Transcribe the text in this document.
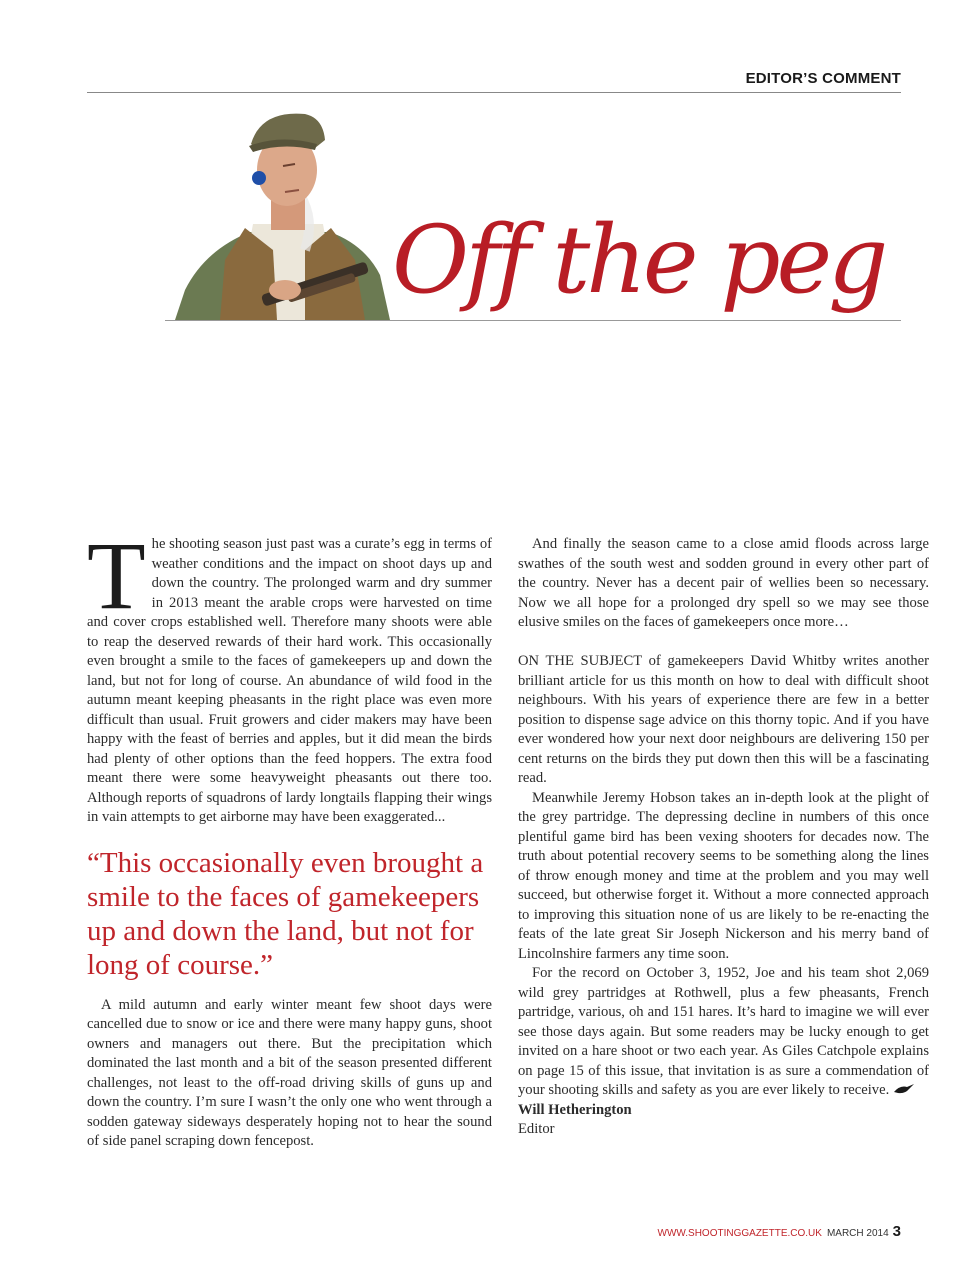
EDITOR’S COMMENT
Off the peg

The shooting season just past was a curate’s egg in terms of weather conditions and the impact on shoot days up and down the country. The prolonged warm and dry summer in 2013 meant the arable crops were harvested on time and cover crops established well. Therefore many shoots were able to reap the deserved rewards of their hard work. This occasionally even brought a smile to the faces of gamekeepers up and down the land, but not for long of course. An abundance of wild food in the autumn meant keeping pheasants in the right place was even more difficult than usual. Fruit growers and cider makers may have been happy with the feast of berries and apples, but it did mean the birds had plenty of other options than the feed hoppers. The extra food meant there were some heavyweight pheasants out there too. Although reports of squadrons of lardy longtails flapping their wings in vain attempts to get airborne may have been exaggerated...

“This occasionally even brought a smile to the faces of gamekeepers up and down the land, but not for long of course.”

A mild autumn and early winter meant few shoot days were cancelled due to snow or ice and there were many happy guns, shoot owners and managers out there. But the precipitation which dominated the last month and a bit of the season presented different challenges, not least to the off-road driving skills of guns up and down the country. I’m sure I wasn’t the only one who went through a sodden gateway sideways desperately hoping not to hear the sound of side panel scraping down fencepost.

And finally the season came to a close amid floods across large swathes of the south west and sodden ground in every other part of the country. Never has a decent pair of wellies been so necessary. Now we all hope for a prolonged dry spell so we may see those elusive smiles on the faces of gamekeepers once more…

ON THE SUBJECT of gamekeepers David Whitby writes another brilliant article for us this month on how to deal with difficult shoot neighbours. With his years of experience there are few in a better position to dispense sage advice on this thorny topic. And if you have ever wondered how your next door neighbours are delivering 150 per cent returns on the birds they put down then this will be a fascinating read.

Meanwhile Jeremy Hobson takes an in-depth look at the plight of the grey partridge. The depressing decline in numbers of this once plentiful game bird has been vexing shooters for decades now. The truth about potential recovery seems to be something along the lines of throw enough money and time at the problem and you may well succeed, but otherwise forget it. Without a more connected approach to improving this situation none of us are likely to be re-enacting the feats of the late great Sir Joseph Nickerson and his merry band of Lincolnshire farmers any time soon.

For the record on October 3, 1952, Joe and his team shot 2,069 wild grey partridges at Rothwell, plus a few pheasants, French partridge, various, oh and 151 hares. It’s hard to imagine we will ever see those days again. But some readers may be lucky enough to get invited on a hare shoot or two each year. As Giles Catchpole explains on page 15 of this issue, that invitation is as sure a commendation of your shooting skills and safety as you are ever likely to receive.

Will Hetherington

Editor

WWW.SHOOTINGGAZETTE.CO.UK MARCH 2014 3
